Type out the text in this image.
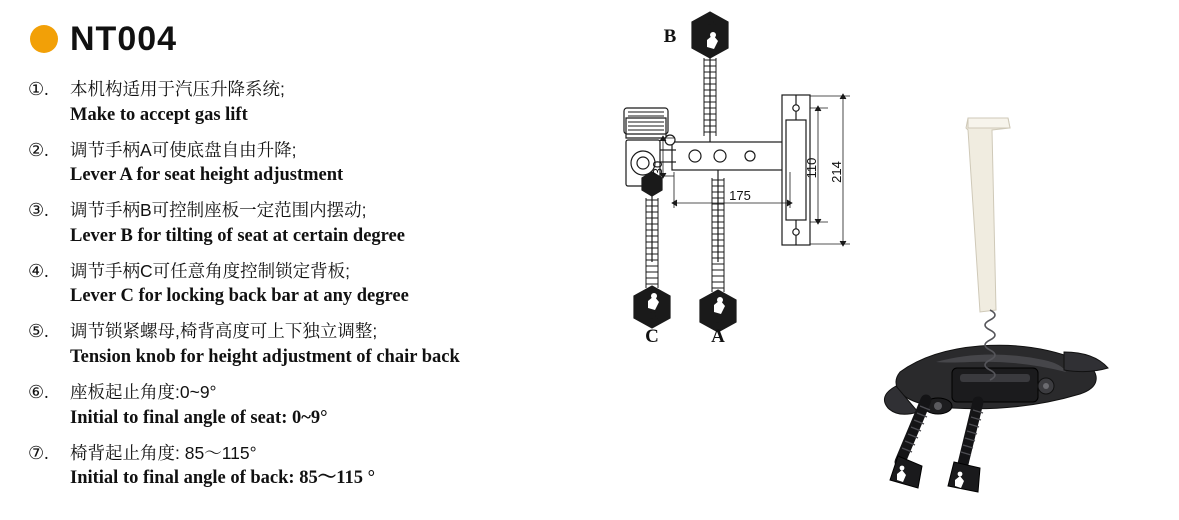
NT004
①.	本机构适用于汽压升降系统;
Make to accept gas lift
②.	调节手柄A可使底盘自由升降;
Lever A for seat height adjustment
③.	调节手柄B可控制座板一定范围内摆动;
Lever B for tilting of seat at certain degree
④.	调节手柄C可任意角度控制锁定背板;
Lever C for locking back bar at any degree
⑤.	调节锁紧螺母,椅背高度可上下独立调整;
Tension knob for height adjustment of chair back
⑥.	座板起止角度:0~9°
Initial to final angle of seat: 0~9°
⑦.	椅背起止角度: 85～115°
Initial to final angle of back: 85～115 °
LIFT
LIFT
LIFT
30
175
110 214
B
C	A
